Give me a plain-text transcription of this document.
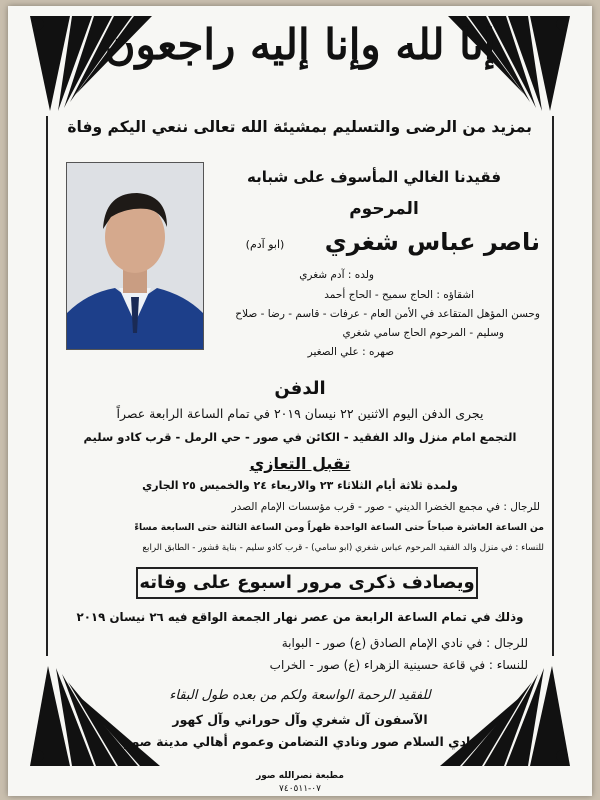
إنا لله وإنا إليه راجعون
بمزيد من الرضى والتسليم بمشيئة الله تعالى ننعي اليكم وفاة
فقيدنا الغالي المأسوف على شبابه
المرحوم
ناصر عباس شغري
(ابو آدم)
ولده : آدم شغري
اشقاؤه : الحاج سميح - الحاج أحمد
وحسن المؤهل المتقاعد في الأمن العام - عرفات - قاسم - رضا - صلاح
وسليم - المرحوم الحاج سامي شغري
صهره : علي الصغير
الدفن
يجرى الدفن اليوم الاثنين ٢٢ نيسان ٢٠١٩ في تمام الساعة الرابعة عصراً
التجمع امام منزل والد الفقيد - الكائن في صور - حي الرمل - قرب كادو سليم
تقبل التعازي
ولمدة ثلاثة أيام الثلاثاء ٢٣ والاربعاء ٢٤ والخميس ٢٥ الجاري
للرجال : في مجمع الخضرا الديني - صور - قرب مؤسسات الإمام الصدر
من الساعة العاشرة صباحاً حتى الساعة الواحدة ظهراً ومن الساعة الثالثة حتى السابعة مساءً
للنساء : في منزل والد الفقيد المرحوم عباس شغري (ابو سامي) - قرب كادو سليم - بناية قشور - الطابق الرابع
ويصادف ذكرى مرور اسبوع على وفاته
وذلك في تمام الساعة الرابعة من عصر نهار الجمعة الواقع فيه ٢٦ نيسان ٢٠١٩
للرجال : في نادي الإمام الصادق (ع) صور - البوابة
للنساء : في قاعة حسينية الزهراء (ع) صور - الخراب
للفقيد الرحمة الواسعة ولكم من بعده طول البقاء
الآسفون آل شغري وآل حوراني وآل كهور
نادي السلام صور ونادي التضامن وعموم أهالي مدينة صور
مطبعة نصرالله صور
٠٧-٧٤٠٥١١
